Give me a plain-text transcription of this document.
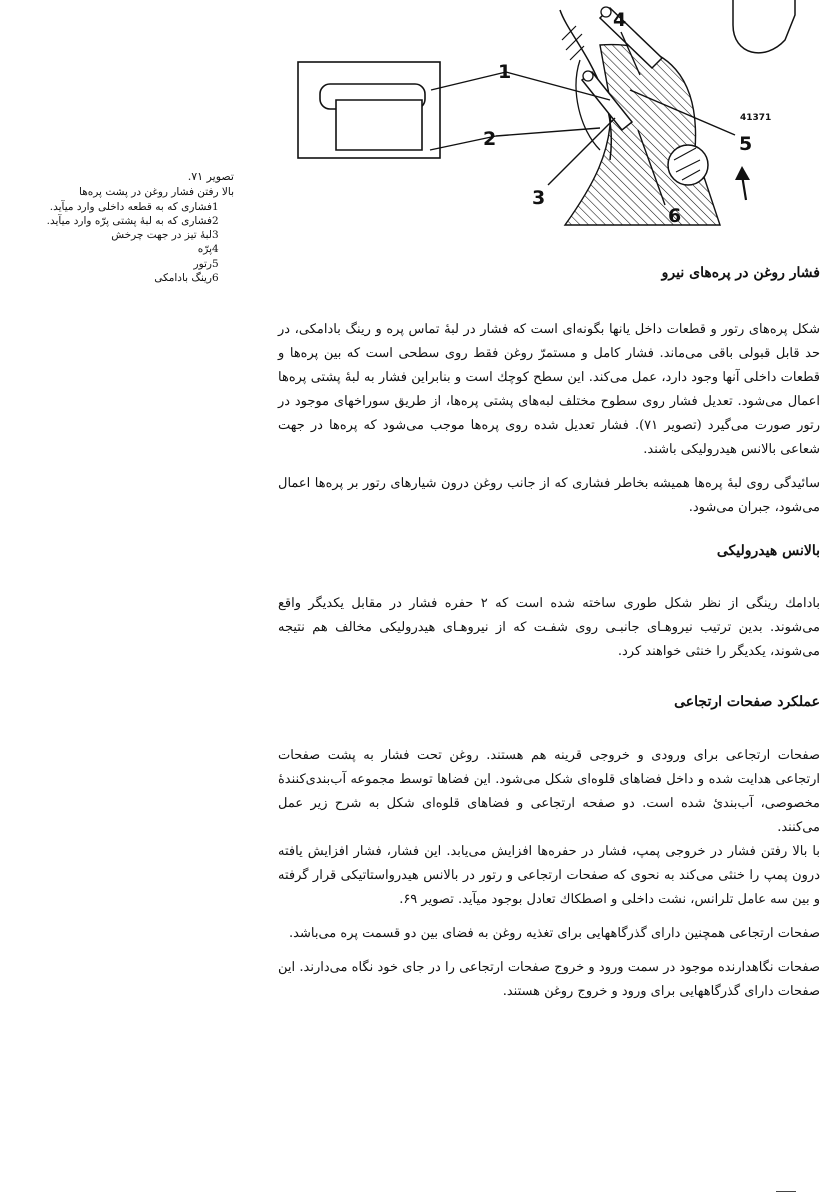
1
2
3
4
5
6
41371
تصویر ۷۱.
بالا رفتن فشار روغن در پشت پره‌ها
1
فشاری که به قطعه داخلی وارد میآید.
2
فشاری که به لبهٔ پشتی پرّه وارد میآید.
3
لبهٔ تیز در جهت چرخش
4
پرّه
5
رتور
6
رینگ بادامکی	فشار روغن در پره‌های نیرو

شکل پره‌های رتور و قطعات داخل یانها بگونه‌ای است که فشار در لبهٔ تماس پره و رینگ بادامکی، در حد قابل قبولی باقی می‌ماند. فشار کامل و مستمرّ روغن فقط روی سطحی است که بین پره‌ها و قطعات داخلی آنها وجود دارد، عمل می‌کند. این سطح کوچك است و بنابراین فشار به لبهٔ پشتی پره‌ها اعمال می‌شود. تعدیل فشار روی سطوح مختلف لبه‌های پشتی پره‌ها، از طریق سوراخهای موجود در رتور صورت می‌گیرد (تصویر ۷۱). فشار تعدیل شده روی پره‌ها موجب می‌شود که پره‌ها در جهت شعاعی بالانس هیدرولیکی باشند.

سائیدگی روی لبهٔ پره‌ها همیشه بخاطر فشاری که از جانب روغن درون شیارهای رتور بر پره‌ها اعمال می‌شود، جبران می‌شود.

بالانس هیدرولیکی

بادامك رینگی از نظر شکل طوری ساخته شده است که ۲ حفره فشار در مقابل یکدیگر واقع می‌شوند. بدین ترتیب نیروهـای جانبـی روی شفـت که از نیروهـای هیدرولیکی مخالف هم نتیجه می‌شوند، یکدیگر را خنثی خواهند کرد.

عملکرد صفحات ارتجاعی

صفحات ارتجاعی برای ورودی و خروجی قرینه هم هستند. روغن تحت فشار به پشت صفحات ارتجاعی هدایت شده و داخل فضاهای قلوه‌ای شکل می‌شود. این فضاها توسط مجموعه آب‌بندی‌کنندهٔ مخصوصی، آب‌بندیٔ شده است. دو صفحه ارتجاعی و فضاهای قلوه‌ای شکل به شرح زیر عمل می‌کنند.

با بالا رفتن فشار در خروجی پمپ، فشار در حفره‌ها افزایش می‌یابد. این فشار، فشار افزایش یافته درون پمپ را خنثی می‌کند به نحوی که صفحات ارتجاعی و رتور در بالانس هیدرواستاتیکی قرار گرفته و بین سه عامل تلرانس، نشت داخلی و اصطکاك تعادل بوجود میآید. تصویر ۶۹.

صفحات ارتجاعی همچنین دارای گذرگاههایی برای تغذیه روغن به فضای بین دو قسمت پره می‌باشد.

صفحات نگاهدارنده موجود در سمت ورود و خروج صفحات ارتجاعی را در جای خود نگاه می‌دارند. این صفحات دارای گذرگاههایی برای ورود و خروج روغن هستند.
